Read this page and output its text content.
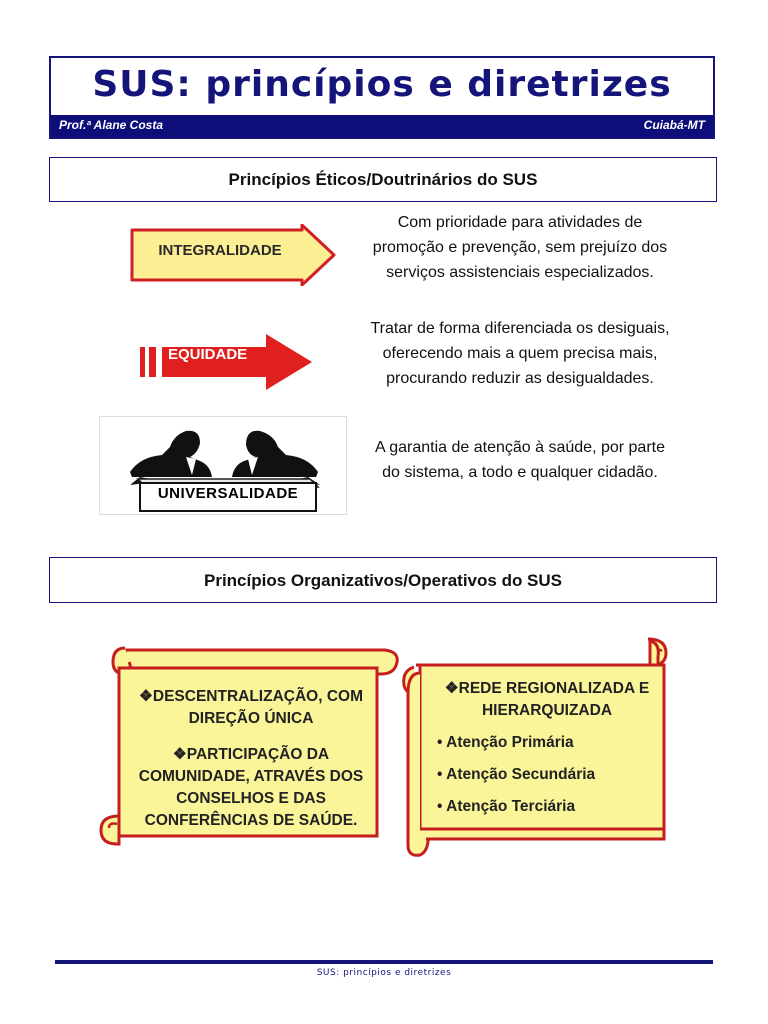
SUS: princípios e diretrizes
Prof.ª Alane Costa	Cuiabá-MT
Princípios Éticos/Doutrinários do SUS
INTEGRALIDADE
Com prioridade para atividades de promoção e prevenção, sem prejuízo dos serviços assistenciais especializados.
EQUIDADE
Tratar de forma diferenciada os desiguais, oferecendo mais a quem precisa mais, procurando reduzir as desigualdades.
UNIVERSALIDADE
A garantia de atenção à saúde, por parte do sistema, a todo e qualquer cidadão.
Princípios Organizativos/Operativos do SUS
❖DESCENTRALIZAÇÃO, COM DIREÇÃO ÚNICA
❖PARTICIPAÇÃO DA COMUNIDADE, ATRAVÉS DOS CONSELHOS E DAS CONFERÊNCIAS DE SAÚDE.
❖REDE REGIONALIZADA E HIERARQUIZADA
• Atenção Primária
• Atenção Secundária
• Atenção Terciária
SUS: princípios e diretrizes
